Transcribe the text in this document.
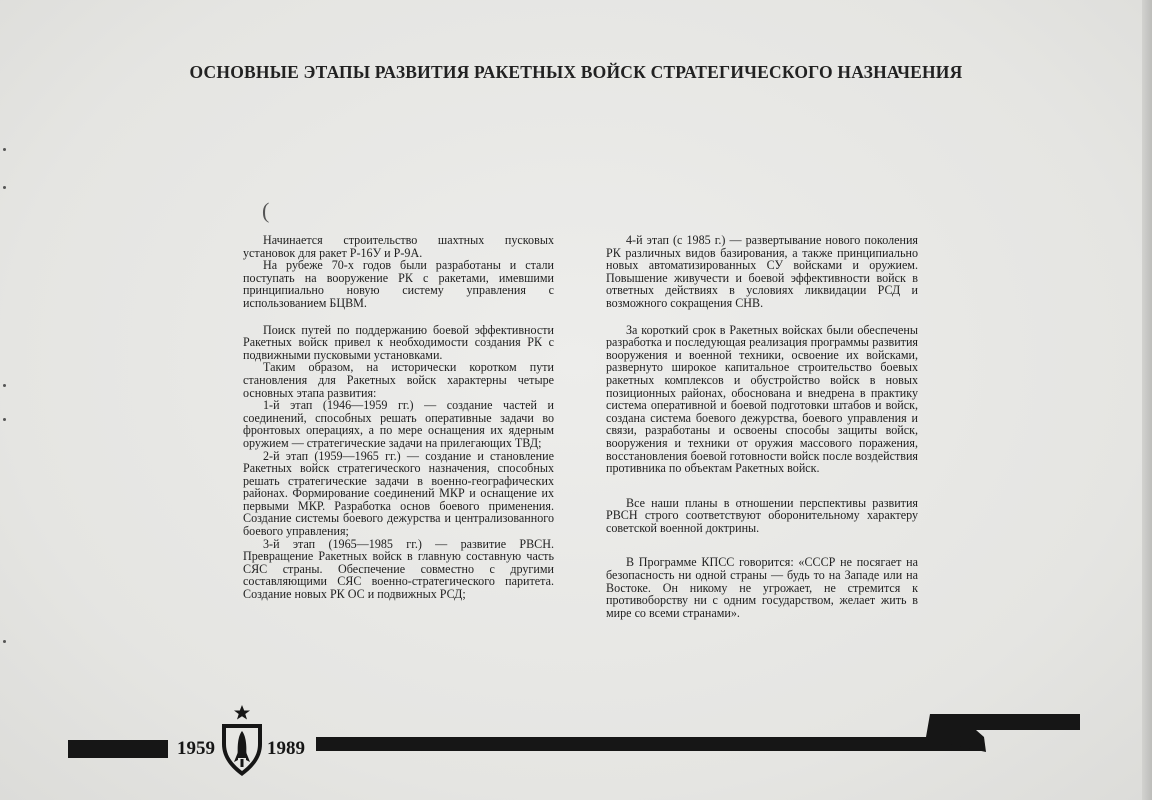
ОСНОВНЫЕ ЭТАПЫ РАЗВИТИЯ РАКЕТНЫХ ВОЙСК СТРАТЕГИЧЕСКОГО НАЗНАЧЕНИЯ
(

Начинается строительство шахтных пусковых установок для ракет Р-16У и Р-9А.

На рубеже 70-х годов были разработаны и стали поступать на вооружение РК с ракетами, имевшими принципиально новую систему управления с использованием БЦВМ.

Поиск путей по поддержанию боевой эффективности Ракетных войск привел к необходимости создания РК с подвижными пусковыми установками.

Таким образом, на исторически коротком пути становления для Ракетных войск характерны четыре основных этапа развития:

1-й этап (1946—1959 гг.) — создание частей и соединений, способных решать оперативные задачи во фронтовых операциях, а по мере оснащения их ядерным оружием — стратегические задачи на прилегающих ТВД;

2-й этап (1959—1965 гг.) — создание и становление Ракетных войск стратегического назначения, способных решать стратегические задачи в военно-географических районах. Формирование соединений МКР и оснащение их первыми МКР. Разработка основ боевого применения. Создание системы боевого дежурства и централизованного боевого управления;

3-й этап (1965—1985 гг.) — развитие РВСН. Превращение Ракетных войск в главную составную часть СЯС страны. Обеспечение совместно с другими составляющими СЯС военно-стратегического паритета. Создание новых РК ОС и подвижных РСД;

4-й этап (с 1985 г.) — развертывание нового поколения РК различных видов базирования, а также принципиально новых автоматизированных СУ войсками и оружием. Повышение живучести и боевой эффективности войск в ответных действиях в условиях ликвидации РСД и возможного сокращения СНВ.

За короткий срок в Ракетных войсках были обеспечены разработка и последующая реализация программы развития вооружения и военной техники, освоение их войсками, развернуто широкое капитальное строительство боевых ракетных комплексов и обустройство войск в новых позиционных районах, обоснована и внедрена в практику система оперативной и боевой подготовки штабов и войск, создана система боевого дежурства, боевого управления и связи, разработаны и освоены способы защиты войск, вооружения и техники от оружия массового поражения, восстановления боевой готовности войск после воздействия противника по объектам Ракетных войск.

Все наши планы в отношении перспективы развития РВСН строго соответствуют оборонительному характеру советской военной доктрины.

В Программе КПСС говорится: «СССР не посягает на безопасность ни одной страны — будь то на Западе или на Востоке. Он никому не угрожает, не стремится к противоборству ни с одним государством, желает жить в мире со всеми странами».

1959	1989
